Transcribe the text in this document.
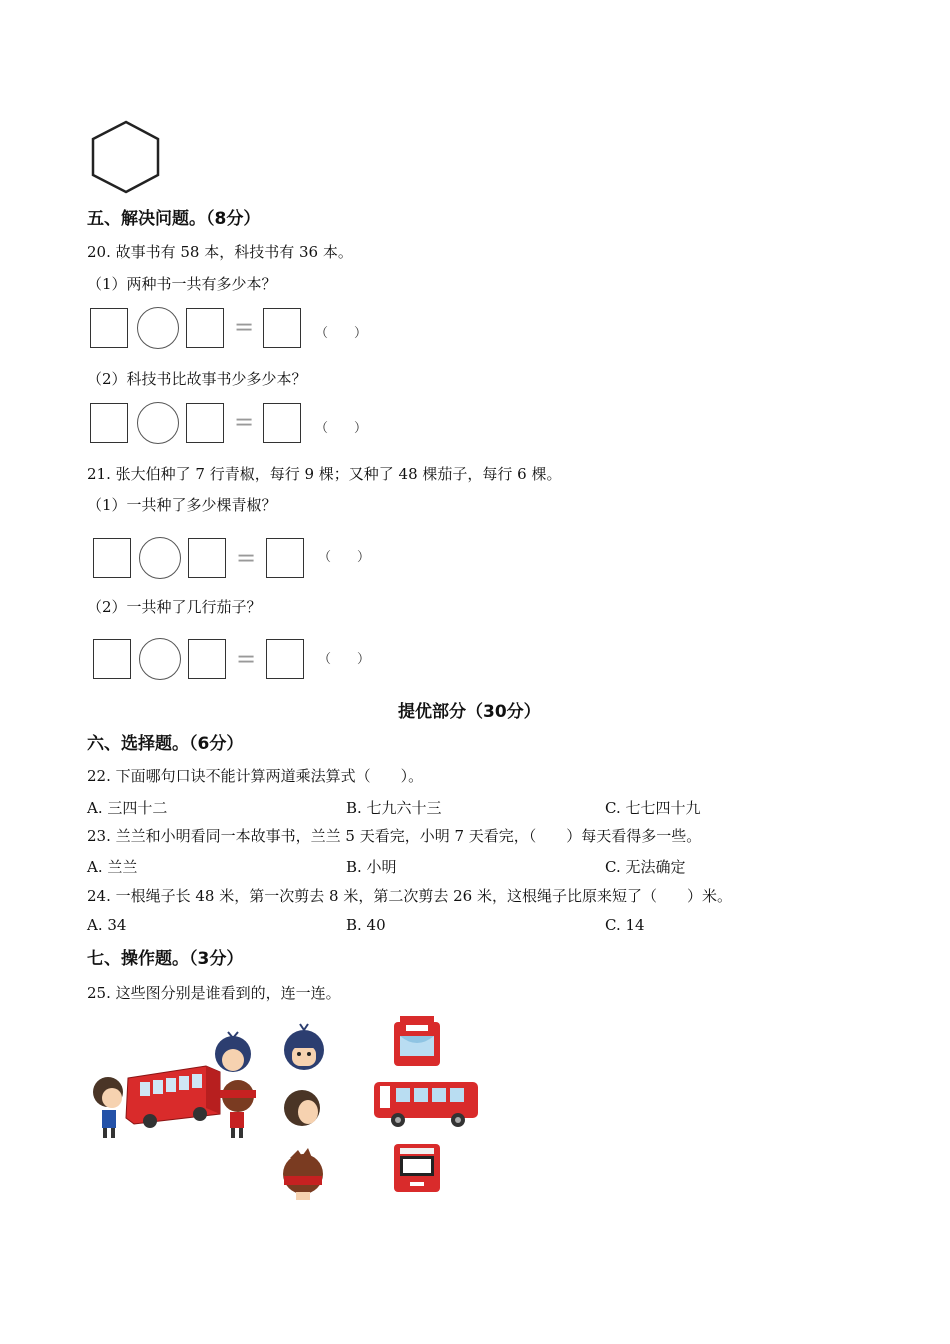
五、解决问题。（8分）
20. 故事书有 58 本，科技书有 36 本。
（1）两种书一共有多少本？
=	（　　）
（2）科技书比故事书少多少本？
=	（　　）
21. 张大伯种了 7 行青椒，每行 9 棵；又种了 48 棵茄子，每行 6 棵。
（1）一共种了多少棵青椒？
=	（　　）
（2）一共种了几行茄子？
=	（　　）
提优部分（30分）
六、选择题。（6分）
22. 下面哪句口诀不能计算两道乘法算式（　　）。
A. 三四十二	B. 七九六十三	C. 七七四十九
23. 兰兰和小明看同一本故事书，兰兰 5 天看完，小明 7 天看完，（　　）每天看得多一些。
A. 兰兰	B. 小明	C. 无法确定
24. 一根绳子长 48 米，第一次剪去 8 米，第二次剪去 26 米，这根绳子比原来短了（　　）米。
A. 34	B. 40	C. 14
七、操作题。（3分）
25. 这些图分别是谁看到的，连一连。
